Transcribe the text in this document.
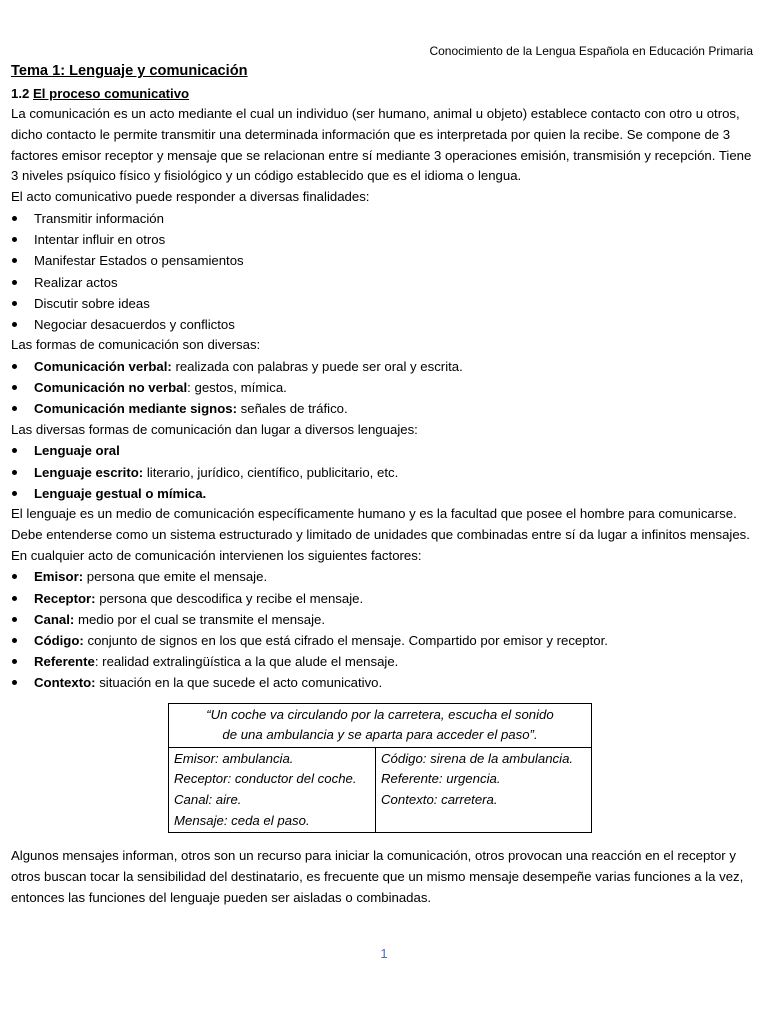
Conocimiento de la Lengua Española en Educación Primaria
Tema 1: Lenguaje y comunicación
1.2 El proceso comunicativo

La comunicación es un acto mediante el cual un individuo (ser humano, animal u objeto) establece contacto con otro u otros, dicho contacto le permite transmitir una determinada información que es interpretada por quien la recibe. Se compone de 3 factores emisor receptor y mensaje que se relacionan entre sí mediante 3 operaciones emisión, transmisión y recepción. Tiene 3 niveles psíquico físico y fisiológico y un código establecido que es el idioma o lengua.

El acto comunicativo puede responder a diversas finalidades:

Transmitir información
Intentar influir en otros
Manifestar Estados o pensamientos
Realizar actos
Discutir sobre ideas
Negociar desacuerdos y conflictos

Las formas de comunicación son diversas:

Comunicación verbal: realizada con palabras y puede ser oral y escrita.
Comunicación no verbal: gestos, mímica.
Comunicación mediante signos: señales de tráfico.

Las diversas formas de comunicación dan lugar a diversos lenguajes:

Lenguaje oral
Lenguaje escrito: literario, jurídico, científico, publicitario, etc.
Lenguaje gestual o mímica.

El lenguaje es un medio de comunicación específicamente humano y es la facultad que posee el hombre para comunicarse. Debe entenderse como un sistema estructurado y limitado de unidades que combinadas entre sí da lugar a infinitos mensajes.

En cualquier acto de comunicación intervienen los siguientes factores:

Emisor: persona que emite el mensaje.
Receptor: persona que descodifica y recibe el mensaje.
Canal: medio por el cual se transmite el mensaje.
Código: conjunto de signos en los que está cifrado el mensaje. Compartido por emisor y receptor.
Referente: realidad extralingüística a la que alude el mensaje.
Contexto: situación en la que sucede el acto comunicativo.
“Un coche va circulando por la carretera, escucha el sonido
de una ambulancia y se aparta para acceder el paso”.

Emisor: ambulancia.
Receptor: conductor del coche.
Canal: aire.
Mensaje: ceda el paso.

Código: sirena de la ambulancia.
Referente: urgencia.
Contexto: carretera.

Algunos mensajes informan, otros son un recurso para iniciar la comunicación, otros provocan una reacción en el receptor y otros buscan tocar la sensibilidad del destinatario, es frecuente que un mismo mensaje desempeñe varias funciones a la vez, entonces las funciones del lenguaje pueden ser aisladas o combinadas.

1
